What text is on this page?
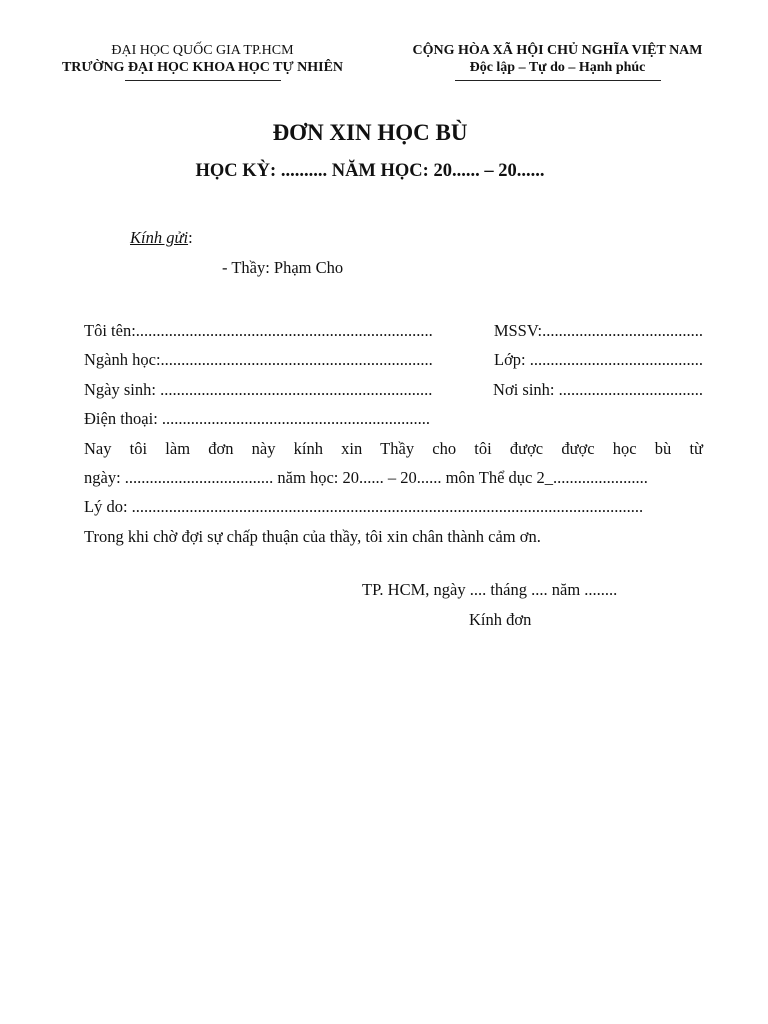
ĐẠI HỌC QUỐC GIA TP.HCM
TRƯỜNG ĐẠI HỌC KHOA HỌC TỰ NHIÊN
CỘNG HÒA XÃ HỘI CHỦ NGHĨA VIỆT NAM
Độc lập – Tự do – Hạnh phúc
ĐƠN XIN HỌC BÙ
HỌC KỲ: .......... NĂM HỌC: 20...... – 20......
Kính gửi:
- Thầy: Phạm Cho
Tôi tên:........................................................................	MSSV:.......................................
Ngành học:..................................................................	Lớp: ..........................................
Ngày sinh: ..................................................................	Nơi sinh: ...................................
Điện thoại: .................................................................
Nay tôi làm đơn này kính xin Thầy cho tôi được được học bù từ
ngày: .................................... năm học: 20...... – 20...... môn Thể dục 2_.......................
Lý do: ............................................................................................................................
Trong khi chờ đợi sự chấp thuận của thầy, tôi xin chân thành cảm ơn.
TP. HCM, ngày .... tháng .... năm ........
Kính đơn
